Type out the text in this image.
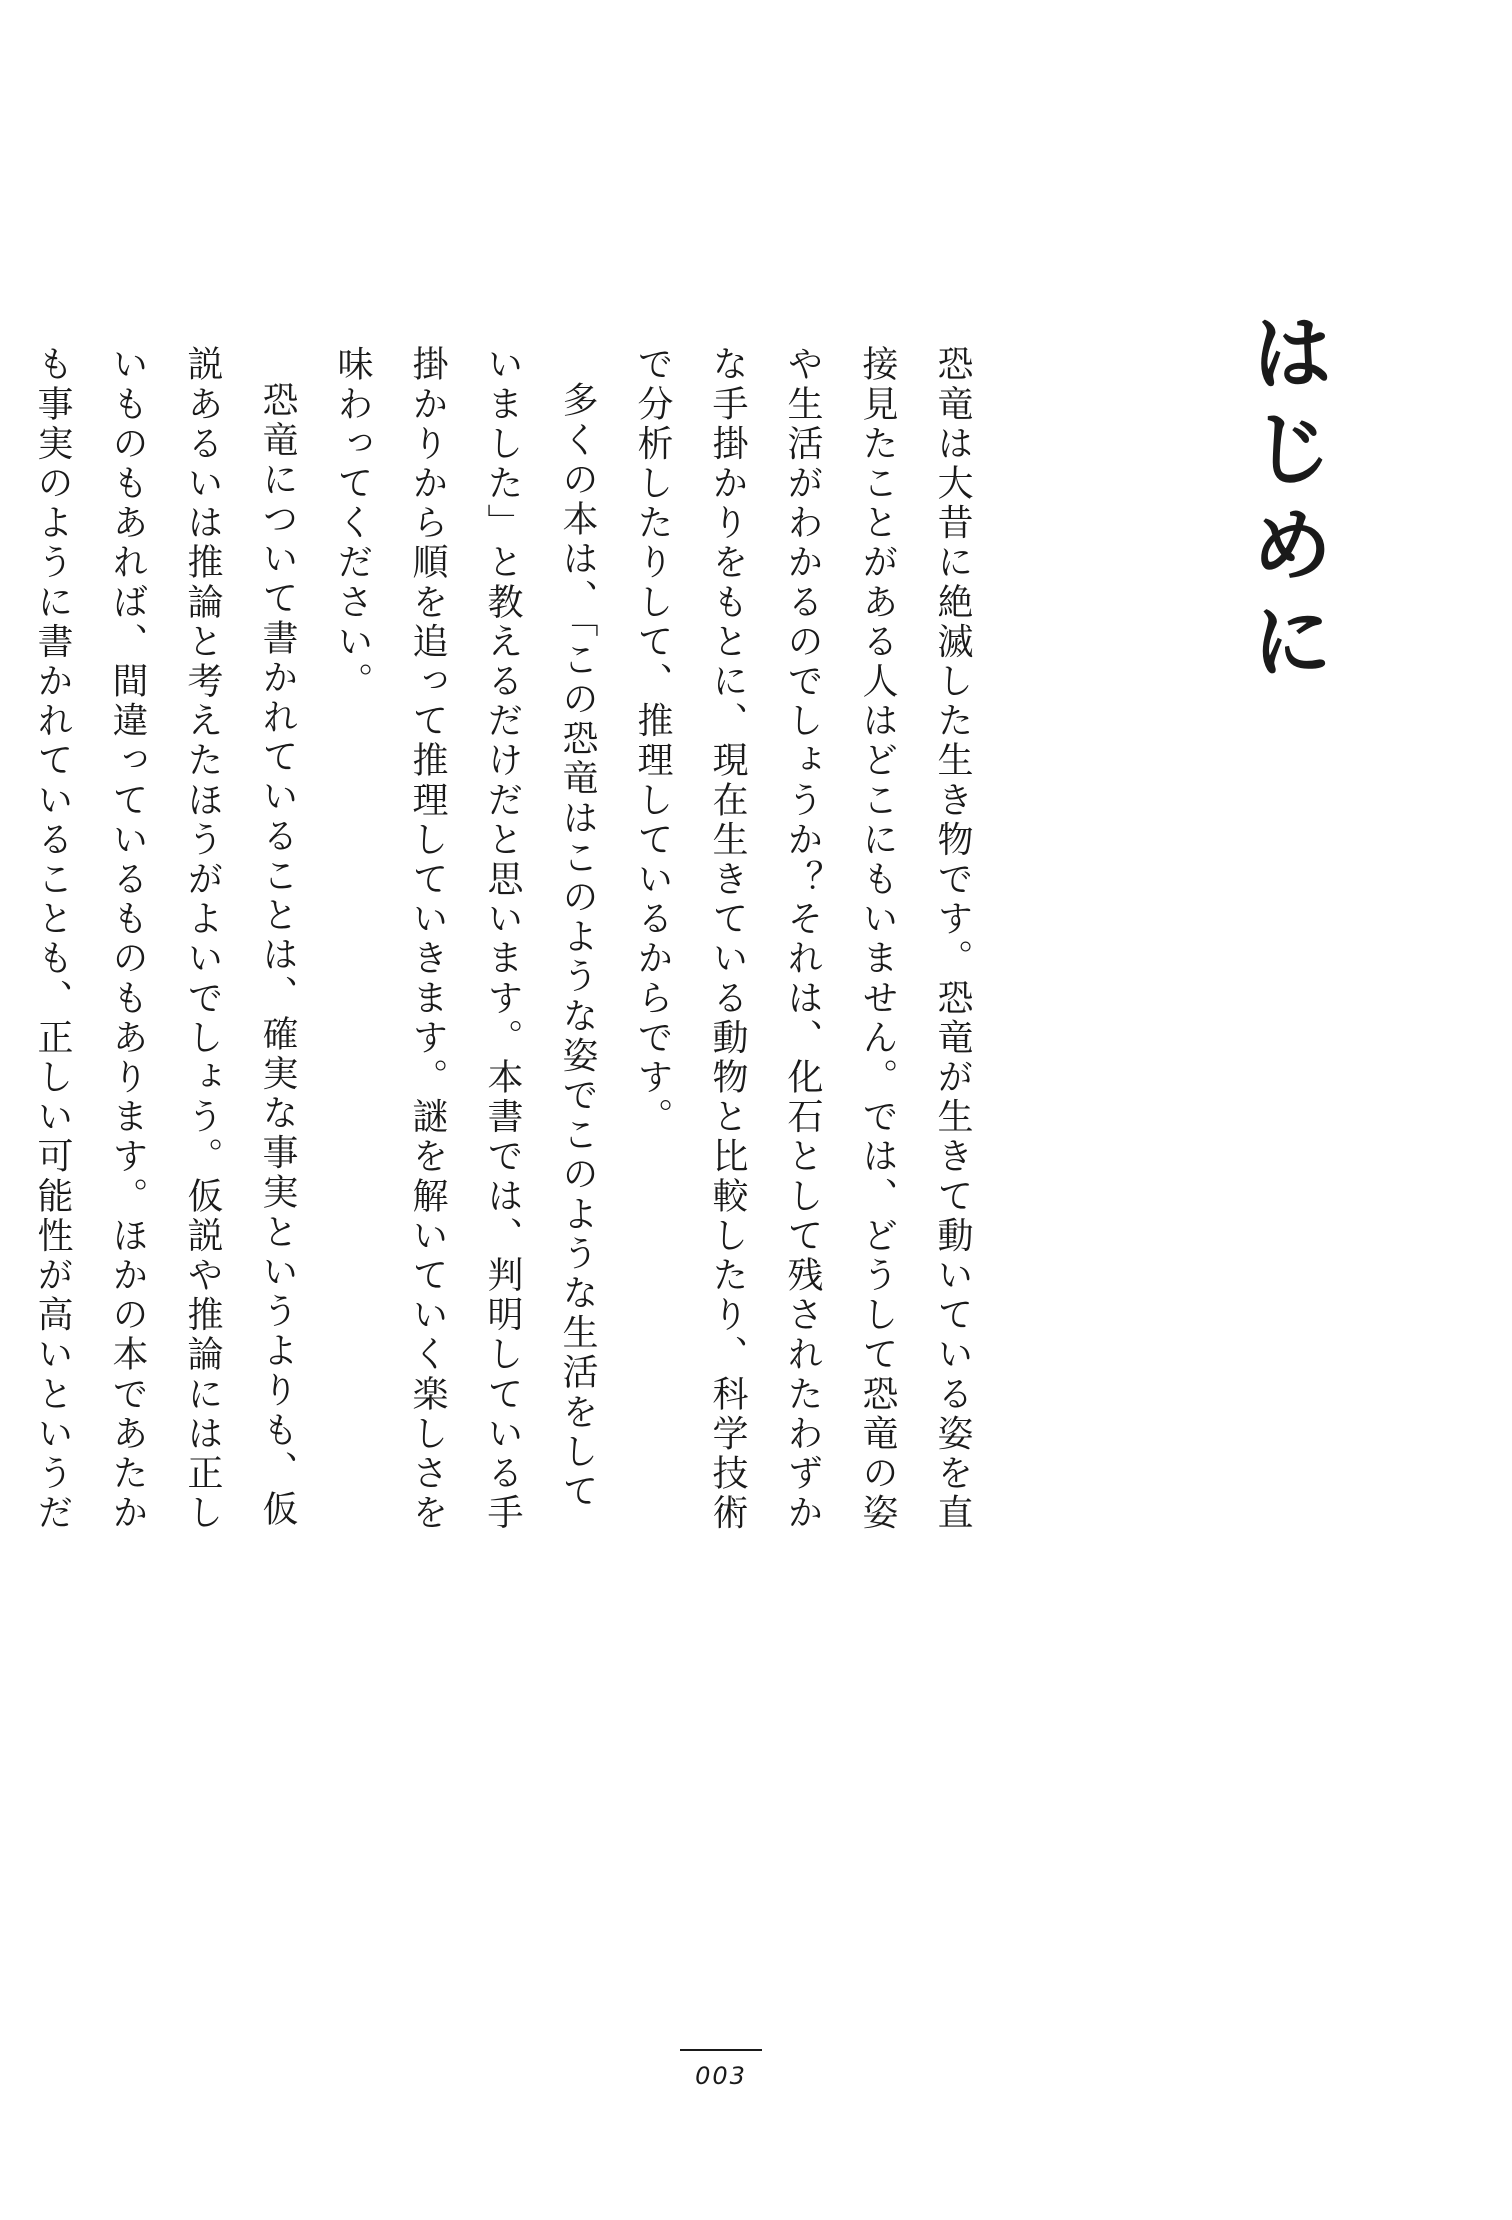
はじめに

恐竜は大昔に絶滅した生き物です。恐竜が生きて動いている姿を直接見たことがある人はどこにもいません。では、どうして恐竜の姿や生活がわかるのでしょうか？それは、化石として残されたわずかな手掛かりをもとに、現在生きている動物と比較したり、科学技術で分析したりして、推理しているからです。

多くの本は、「この恐竜はこのような姿でこのような生活をしていました」と教えるだけだと思います。本書では、判明している手掛かりから順を追って推理していきます。謎を解いていく楽しさを味わってください。

恐竜について書かれていることは、確実な事実というよりも、仮説あるいは推論と考えたほうがよいでしょう。仮説や推論には正しいものもあれば、間違っているものもあります。ほかの本であたかも事実のように書かれていることも、正しい可能性が高いというだ

003
